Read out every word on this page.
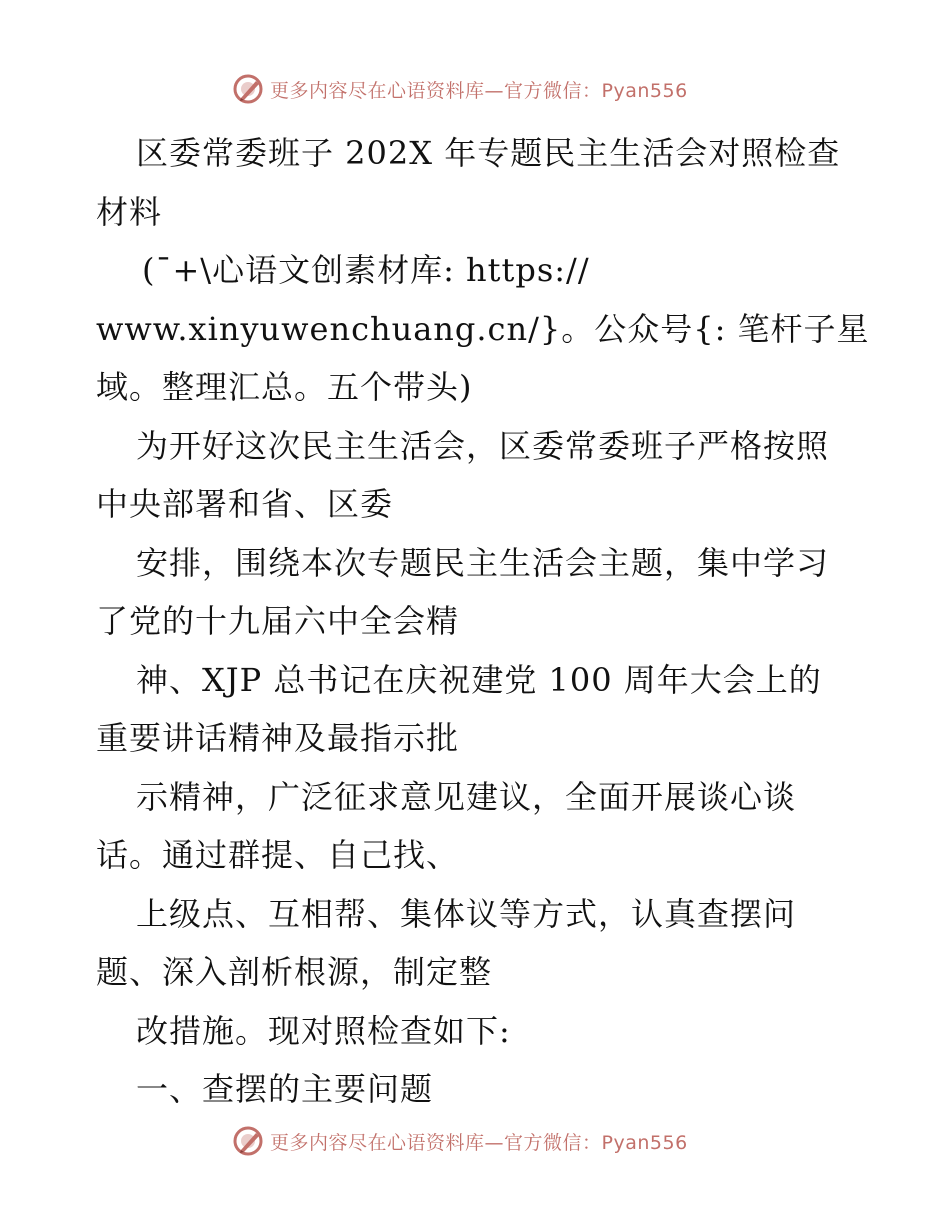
更多内容尽在心语资料库—官方微信：Pyan556
区委常委班子 202X 年专题民主生活会对照检查
材料
(¯+\心语文创素材库: https://
www.xinyuwenchuang.cn/}。公众号{: 笔杆子星
域。整理汇总。五个带头)
为开好这次民主生活会，区委常委班子严格按照
中央部署和省、区委
安排，围绕本次专题民主生活会主题，集中学习
了党的十九届六中全会精
神、XJP 总书记在庆祝建党 100 周年大会上的
重要讲话精神及最指示批
示精神，广泛征求意见建议，全面开展谈心谈
话。通过群提、自己找、
上级点、互相帮、集体议等方式，认真查摆问
题、深入剖析根源，制定整
改措施。现对照检查如下:
一、查摆的主要问题
更多内容尽在心语资料库—官方微信：Pyan556
